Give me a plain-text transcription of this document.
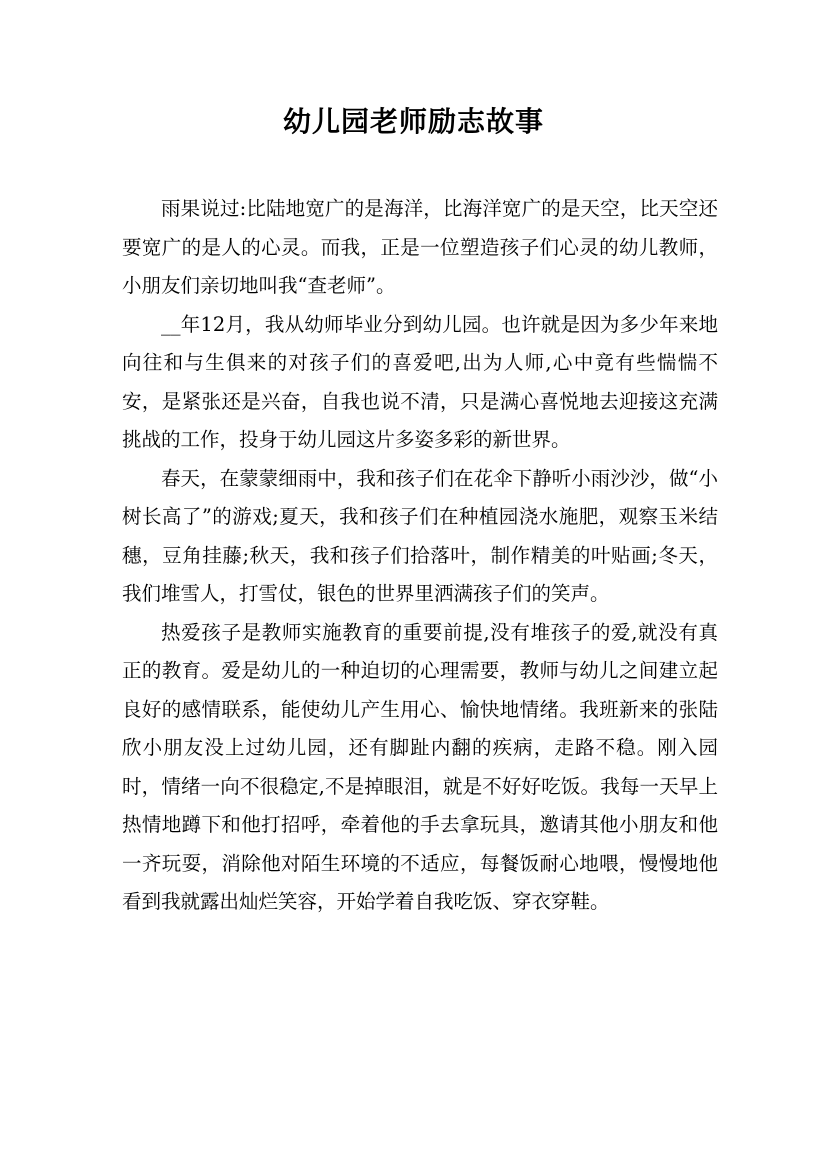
幼儿园老师励志故事

雨果说过:比陆地宽广的是海洋，比海洋宽广的是天空，比天空还要宽广的是人的心灵。而我，正是一位塑造孩子们心灵的幼儿教师，小朋友们亲切地叫我“查老师”。

__年12月，我从幼师毕业分到幼儿园。也许就是因为多少年来地向往和与生俱来的对孩子们的喜爱吧,出为人师,心中竟有些惴惴不安，是紧张还是兴奋，自我也说不清，只是满心喜悦地去迎接这充满挑战的工作，投身于幼儿园这片多姿多彩的新世界。

春天，在蒙蒙细雨中，我和孩子们在花伞下静听小雨沙沙，做“小树长高了”的游戏;夏天，我和孩子们在种植园浇水施肥，观察玉米结穗，豆角挂藤;秋天，我和孩子们拾落叶，制作精美的叶贴画;冬天，我们堆雪人，打雪仗，银色的世界里洒满孩子们的笑声。

热爱孩子是教师实施教育的重要前提,没有堆孩子的爱,就没有真正的教育。爱是幼儿的一种迫切的心理需要，教师与幼儿之间建立起良好的感情联系，能使幼儿产生用心、愉快地情绪。我班新来的张陆欣小朋友没上过幼儿园，还有脚趾内翻的疾病，走路不稳。刚入园时，情绪一向不很稳定,不是掉眼泪，就是不好好吃饭。我每一天早上热情地蹲下和他打招呼，牵着他的手去拿玩具，邀请其他小朋友和他一齐玩耍，消除他对陌生环境的不适应，每餐饭耐心地喂，慢慢地他看到我就露出灿烂笑容，开始学着自我吃饭、穿衣穿鞋。
